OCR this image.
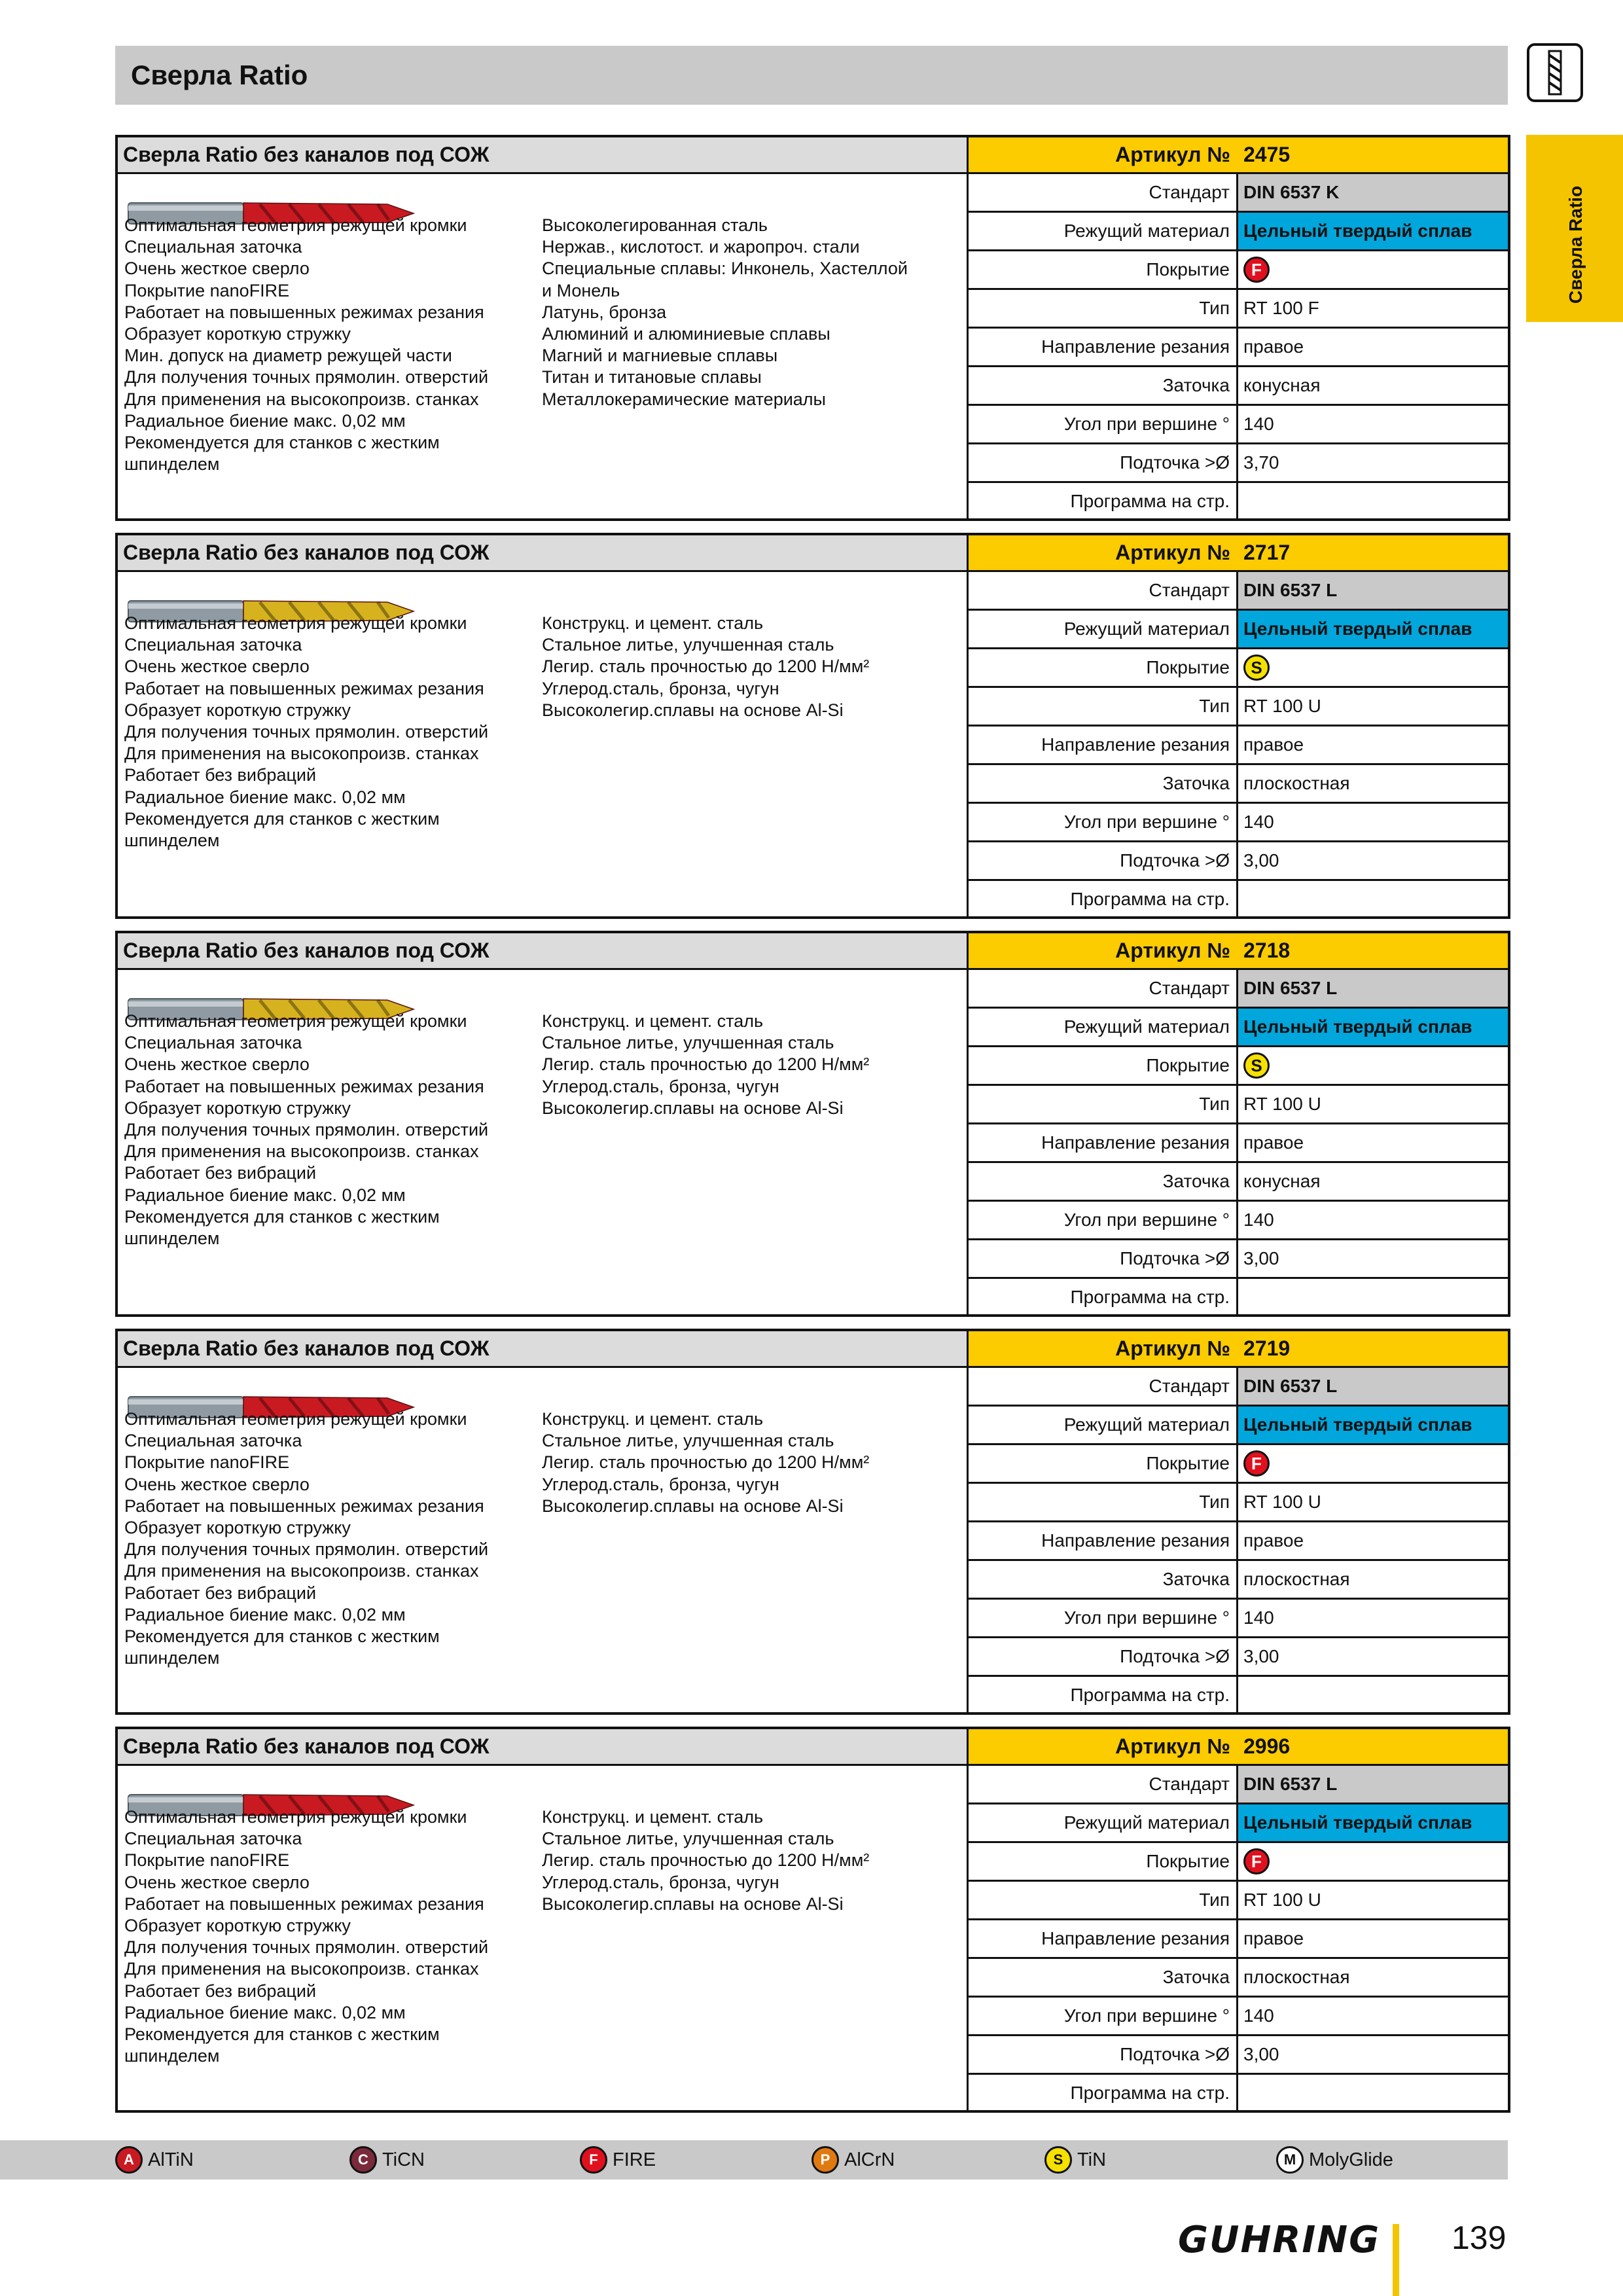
Сверла Ratio
Сверла Ratio
Сверла Ratio без каналов под СОЖ
Оптимальная геометрия режущей кромки
Специальная заточка
Очень жесткое сверло
Покрытие nanoFIRE
Работает на повышенных режимах резания
Образует короткую стружку
Мин. допуск на диаметр режущей части
Для получения точных прямолин. отверстий
Для применения на высокопроизв. станках
Радиальное биение макс. 0,02 мм
Рекомендуется для станков с жестким
шпинделем
Высоколегированная сталь
Нержав., кислотост. и жаропроч. стали
Специальные сплавы: Инконель, Хастеллой
и Монель
Латунь, бронза
Алюминий и алюминиевые сплавы
Магний и магниевые сплавы
Титан и титановые сплавы
Металлокерамические материалы
Артикул № 2475
Стандарт DIN 6537 K
Режущий материал Цельный твердый сплав
Покрытие	F
Тип RT 100 F
Направление резания правое
Заточка конусная
Угол при вершине ° 140
Подточка >Ø 3,70
Программа на стр.
Сверла Ratio без каналов под СОЖ
Оптимальная геометрия режущей кромки
Специальная заточка
Очень жесткое сверло
Работает на повышенных режимах резания
Образует короткую стружку
Для получения точных прямолин. отверстий
Для применения на высокопроизв. станках
Работает без вибраций
Радиальное биение макс. 0,02 мм
Рекомендуется для станков с жестким
шпинделем
Конструкц. и цемент. сталь
Стальное литье, улучшенная сталь
Легир. сталь прочностью до 1200 Н/мм²
Углерод.сталь, бронза, чугун
Высоколегир.сплавы на основе Al-Si
Артикул № 2717
Стандарт DIN 6537 L
Режущий материал Цельный твердый сплав
Покрытие	S
Тип RT 100 U
Направление резания правое
Заточка плоскостная
Угол при вершине ° 140
Подточка >Ø 3,00
Программа на стр.
Сверла Ratio без каналов под СОЖ
Оптимальная геометрия режущей кромки
Специальная заточка
Очень жесткое сверло
Работает на повышенных режимах резания
Образует короткую стружку
Для получения точных прямолин. отверстий
Для применения на высокопроизв. станках
Работает без вибраций
Радиальное биение макс. 0,02 мм
Рекомендуется для станков с жестким
шпинделем
Конструкц. и цемент. сталь
Стальное литье, улучшенная сталь
Легир. сталь прочностью до 1200 Н/мм²
Углерод.сталь, бронза, чугун
Высоколегир.сплавы на основе Al-Si
Артикул № 2718
Стандарт DIN 6537 L
Режущий материал Цельный твердый сплав
Покрытие	S
Тип RT 100 U
Направление резания правое
Заточка конусная
Угол при вершине ° 140
Подточка >Ø 3,00
Программа на стр.
Сверла Ratio без каналов под СОЖ
Оптимальная геометрия режущей кромки
Специальная заточка
Покрытие nanoFIRE
Очень жесткое сверло
Работает на повышенных режимах резания
Образует короткую стружку
Для получения точных прямолин. отверстий
Для применения на высокопроизв. станках
Работает без вибраций
Радиальное биение макс. 0,02 мм
Рекомендуется для станков с жестким
шпинделем
Конструкц. и цемент. сталь
Стальное литье, улучшенная сталь
Легир. сталь прочностью до 1200 Н/мм²
Углерод.сталь, бронза, чугун
Высоколегир.сплавы на основе Al-Si
Артикул № 2719
Стандарт DIN 6537 L
Режущий материал Цельный твердый сплав
Покрытие	F
Тип RT 100 U
Направление резания правое
Заточка плоскостная
Угол при вершине ° 140
Подточка >Ø 3,00
Программа на стр.
Сверла Ratio без каналов под СОЖ
Оптимальная геометрия режущей кромки
Специальная заточка
Покрытие nanoFIRE
Очень жесткое сверло
Работает на повышенных режимах резания
Образует короткую стружку
Для получения точных прямолин. отверстий
Для применения на высокопроизв. станках
Работает без вибраций
Радиальное биение макс. 0,02 мм
Рекомендуется для станков с жестким
шпинделем
Конструкц. и цемент. сталь
Стальное литье, улучшенная сталь
Легир. сталь прочностью до 1200 Н/мм²
Углерод.сталь, бронза, чугун
Высоколегир.сплавы на основе Al-Si
Артикул № 2996
Стандарт DIN 6537 L
Режущий материал Цельный твердый сплав
Покрытие	F
Тип RT 100 U
Направление резания правое
Заточка плоскостная
Угол при вершине ° 140
Подточка >Ø 3,00
Программа на стр.
A AlTiN	C TiCN	F FIRE	P AlCrN	S TiN	M MolyGlide
GUHRING 139
